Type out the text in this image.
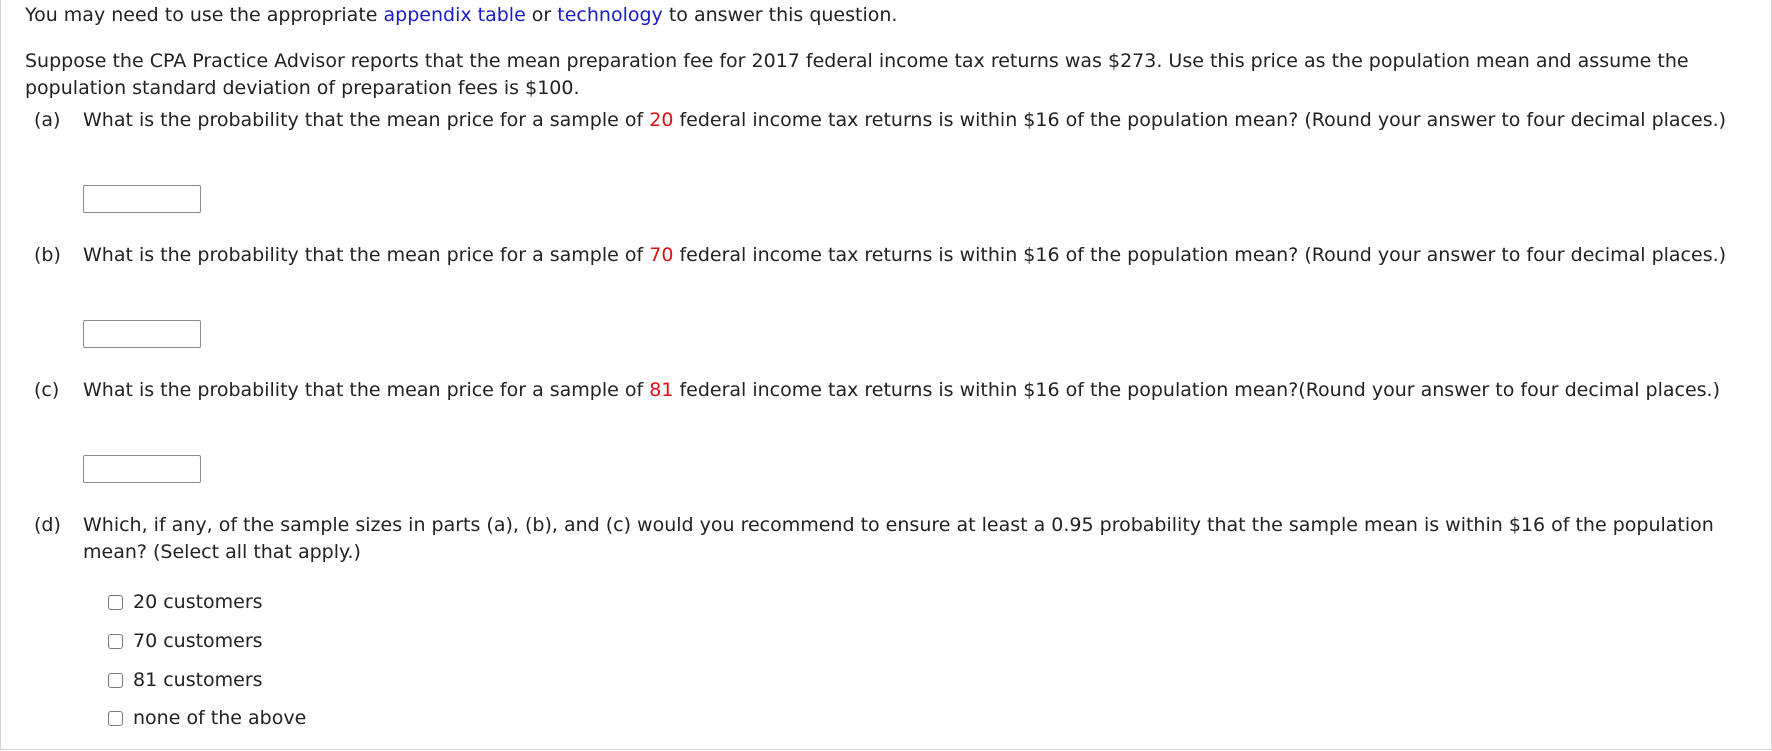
You may need to use the appropriate appendix table or technology to answer this question.

Suppose the CPA Practice Advisor reports that the mean preparation fee for 2017 federal income tax returns was $273. Use this price as the population mean and assume the population standard deviation of preparation fees is $100.

(a) What is the probability that the mean price for a sample of 20 federal income tax returns is within $16 of the population mean? (Round your answer to four decimal places.)

(b) What is the probability that the mean price for a sample of 70 federal income tax returns is within $16 of the population mean? (Round your answer to four decimal places.)

(c) What is the probability that the mean price for a sample of 81 federal income tax returns is within $16 of the population mean?(Round your answer to four decimal places.)

(d) Which, if any, of the sample sizes in parts (a), (b), and (c) would you recommend to ensure at least a 0.95 probability that the sample mean is within $16 of the population mean? (Select all that apply.)

20 customers
70 customers
81 customers
none of the above
